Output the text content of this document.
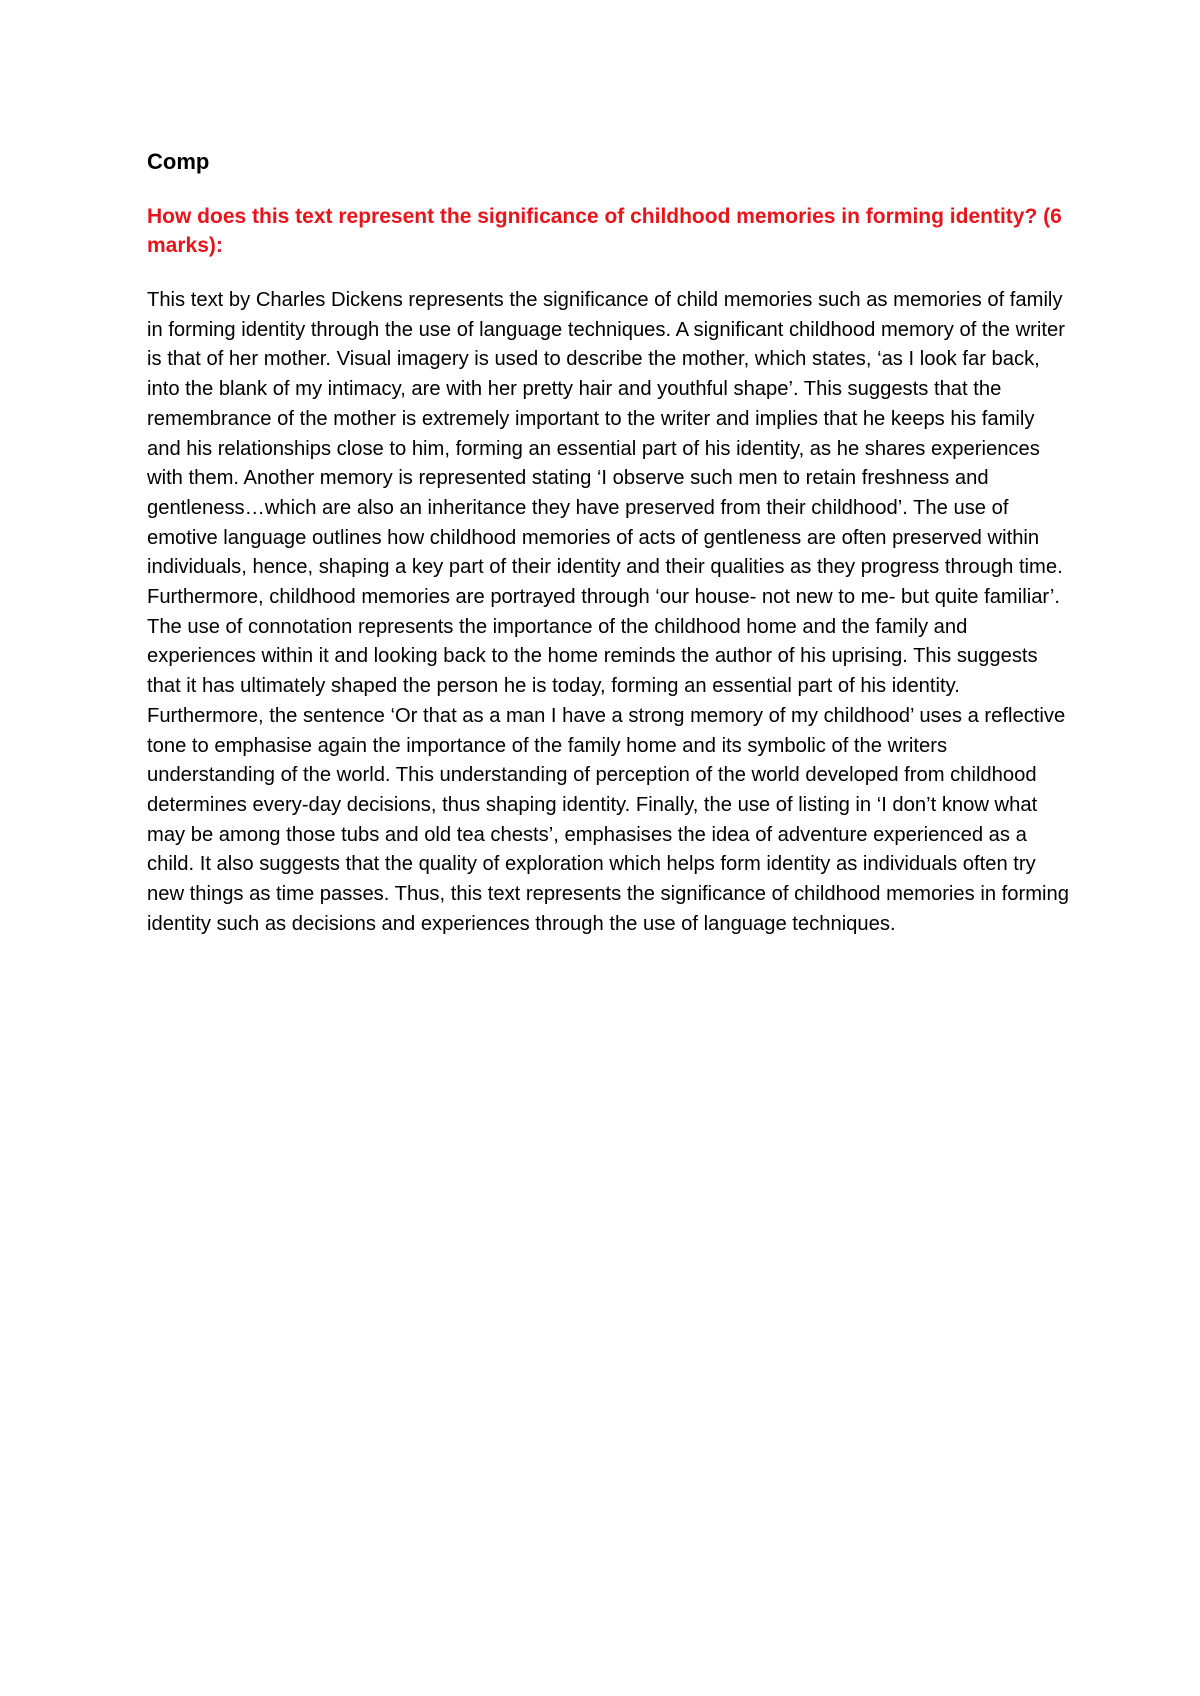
Comp
How does this text represent the significance of childhood memories in forming identity? (6 marks):

This text by Charles Dickens represents the significance of child memories such as memories of family in forming identity through the use of language techniques. A significant childhood memory of the writer is that of her mother. Visual imagery is used to describe the mother, which states, ‘as I look far back, into the blank of my intimacy, are with her pretty hair and youthful shape’. This suggests that the remembrance of the mother is extremely important to the writer and implies that he keeps his family and his relationships close to him, forming an essential part of his identity, as he shares experiences with them. Another memory is represented stating ‘I observe such men to retain freshness and gentleness…which are also an inheritance they have preserved from their childhood’. The use of emotive language outlines how childhood memories of acts of gentleness are often preserved within individuals, hence, shaping a key part of their identity and their qualities as they progress through time. Furthermore, childhood memories are portrayed through ‘our house- not new to me- but quite familiar’. The use of connotation represents the importance of the childhood home and the family and experiences within it and looking back to the home reminds the author of his uprising. This suggests that it has ultimately shaped the person he is today, forming an essential part of his identity. Furthermore, the sentence ‘Or that as a man I have a strong memory of my childhood’ uses a reflective tone to emphasise again the importance of the family home and its symbolic of the writers understanding of the world. This understanding of perception of the world developed from childhood determines every-day decisions, thus shaping identity. Finally, the use of listing in ‘I don’t know what may be among those tubs and old tea chests’, emphasises the idea of adventure experienced as a child. It also suggests that the quality of exploration which helps form identity as individuals often try new things as time passes. Thus, this text represents the significance of childhood memories in forming identity such as decisions and experiences through the use of language techniques.
